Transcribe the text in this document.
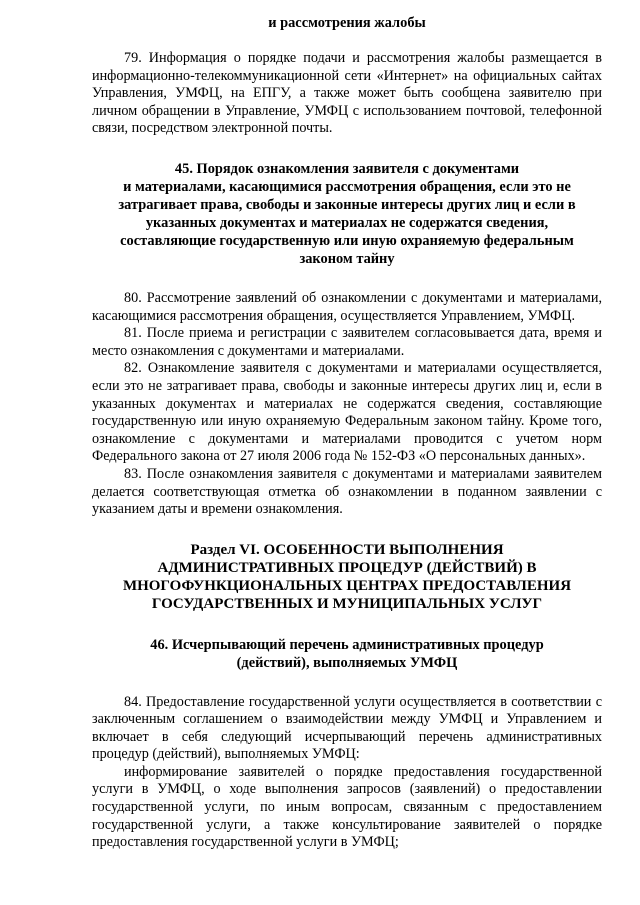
и рассмотрения жалобы

79. Информация о порядке подачи и рассмотрения жалобы размещается в информационно-телекоммуникационной сети «Интернет» на официальных сайтах Управления, УМФЦ, на ЕПГУ, а также может быть сообщена заявителю при личном обращении в Управление, УМФЦ с использованием почтовой, телефонной связи, посредством электронной почты.

45. Порядок ознакомления заявителя с документами

и материалами, касающимися рассмотрения обращения, если это не

затрагивает права, свободы и законные интересы других лиц и если в

указанных документах и материалах не содержатся сведения,

составляющие государственную или иную охраняемую федеральным

законом тайну

80. Рассмотрение заявлений об ознакомлении с документами и материалами, касающимися рассмотрения обращения, осуществляется Управлением, УМФЦ.

81. После приема и регистрации с заявителем согласовывается дата, время и место ознакомления с документами и материалами.

82. Ознакомление заявителя с документами и материалами осуществляется, если это не затрагивает права, свободы и законные интересы других лиц и, если в указанных документах и материалах не содержатся сведения, составляющие государственную или иную охраняемую Федеральным законом тайну. Кроме того, ознакомление с документами и материалами проводится с учетом норм Федерального закона от 27 июля 2006 года № 152-ФЗ «О персональных данных».

83. После ознакомления заявителя с документами и материалами заявителем делается соответствующая отметка об ознакомлении в поданном заявлении с указанием даты и времени ознакомления.

Раздел VI. ОСОБЕННОСТИ ВЫПОЛНЕНИЯ

АДМИНИСТРАТИВНЫХ ПРОЦЕДУР (ДЕЙСТВИЙ) В

МНОГОФУНКЦИОНАЛЬНЫХ ЦЕНТРАХ ПРЕДОСТАВЛЕНИЯ

ГОСУДАРСТВЕННЫХ И МУНИЦИПАЛЬНЫХ УСЛУГ

46. Исчерпывающий перечень административных процедур

(действий), выполняемых УМФЦ

84. Предоставление государственной услуги осуществляется в соответствии с заключенным соглашением о взаимодействии между УМФЦ и Управлением и включает в себя следующий исчерпывающий перечень административных процедур (действий), выполняемых УМФЦ:

информирование заявителей о порядке предоставления государственной услуги в УМФЦ, о ходе выполнения запросов (заявлений) о предоставлении государственной услуги, по иным вопросам, связанным с предоставлением государственной услуги, а также консультирование заявителей о порядке предоставления государственной услуги в УМФЦ;
